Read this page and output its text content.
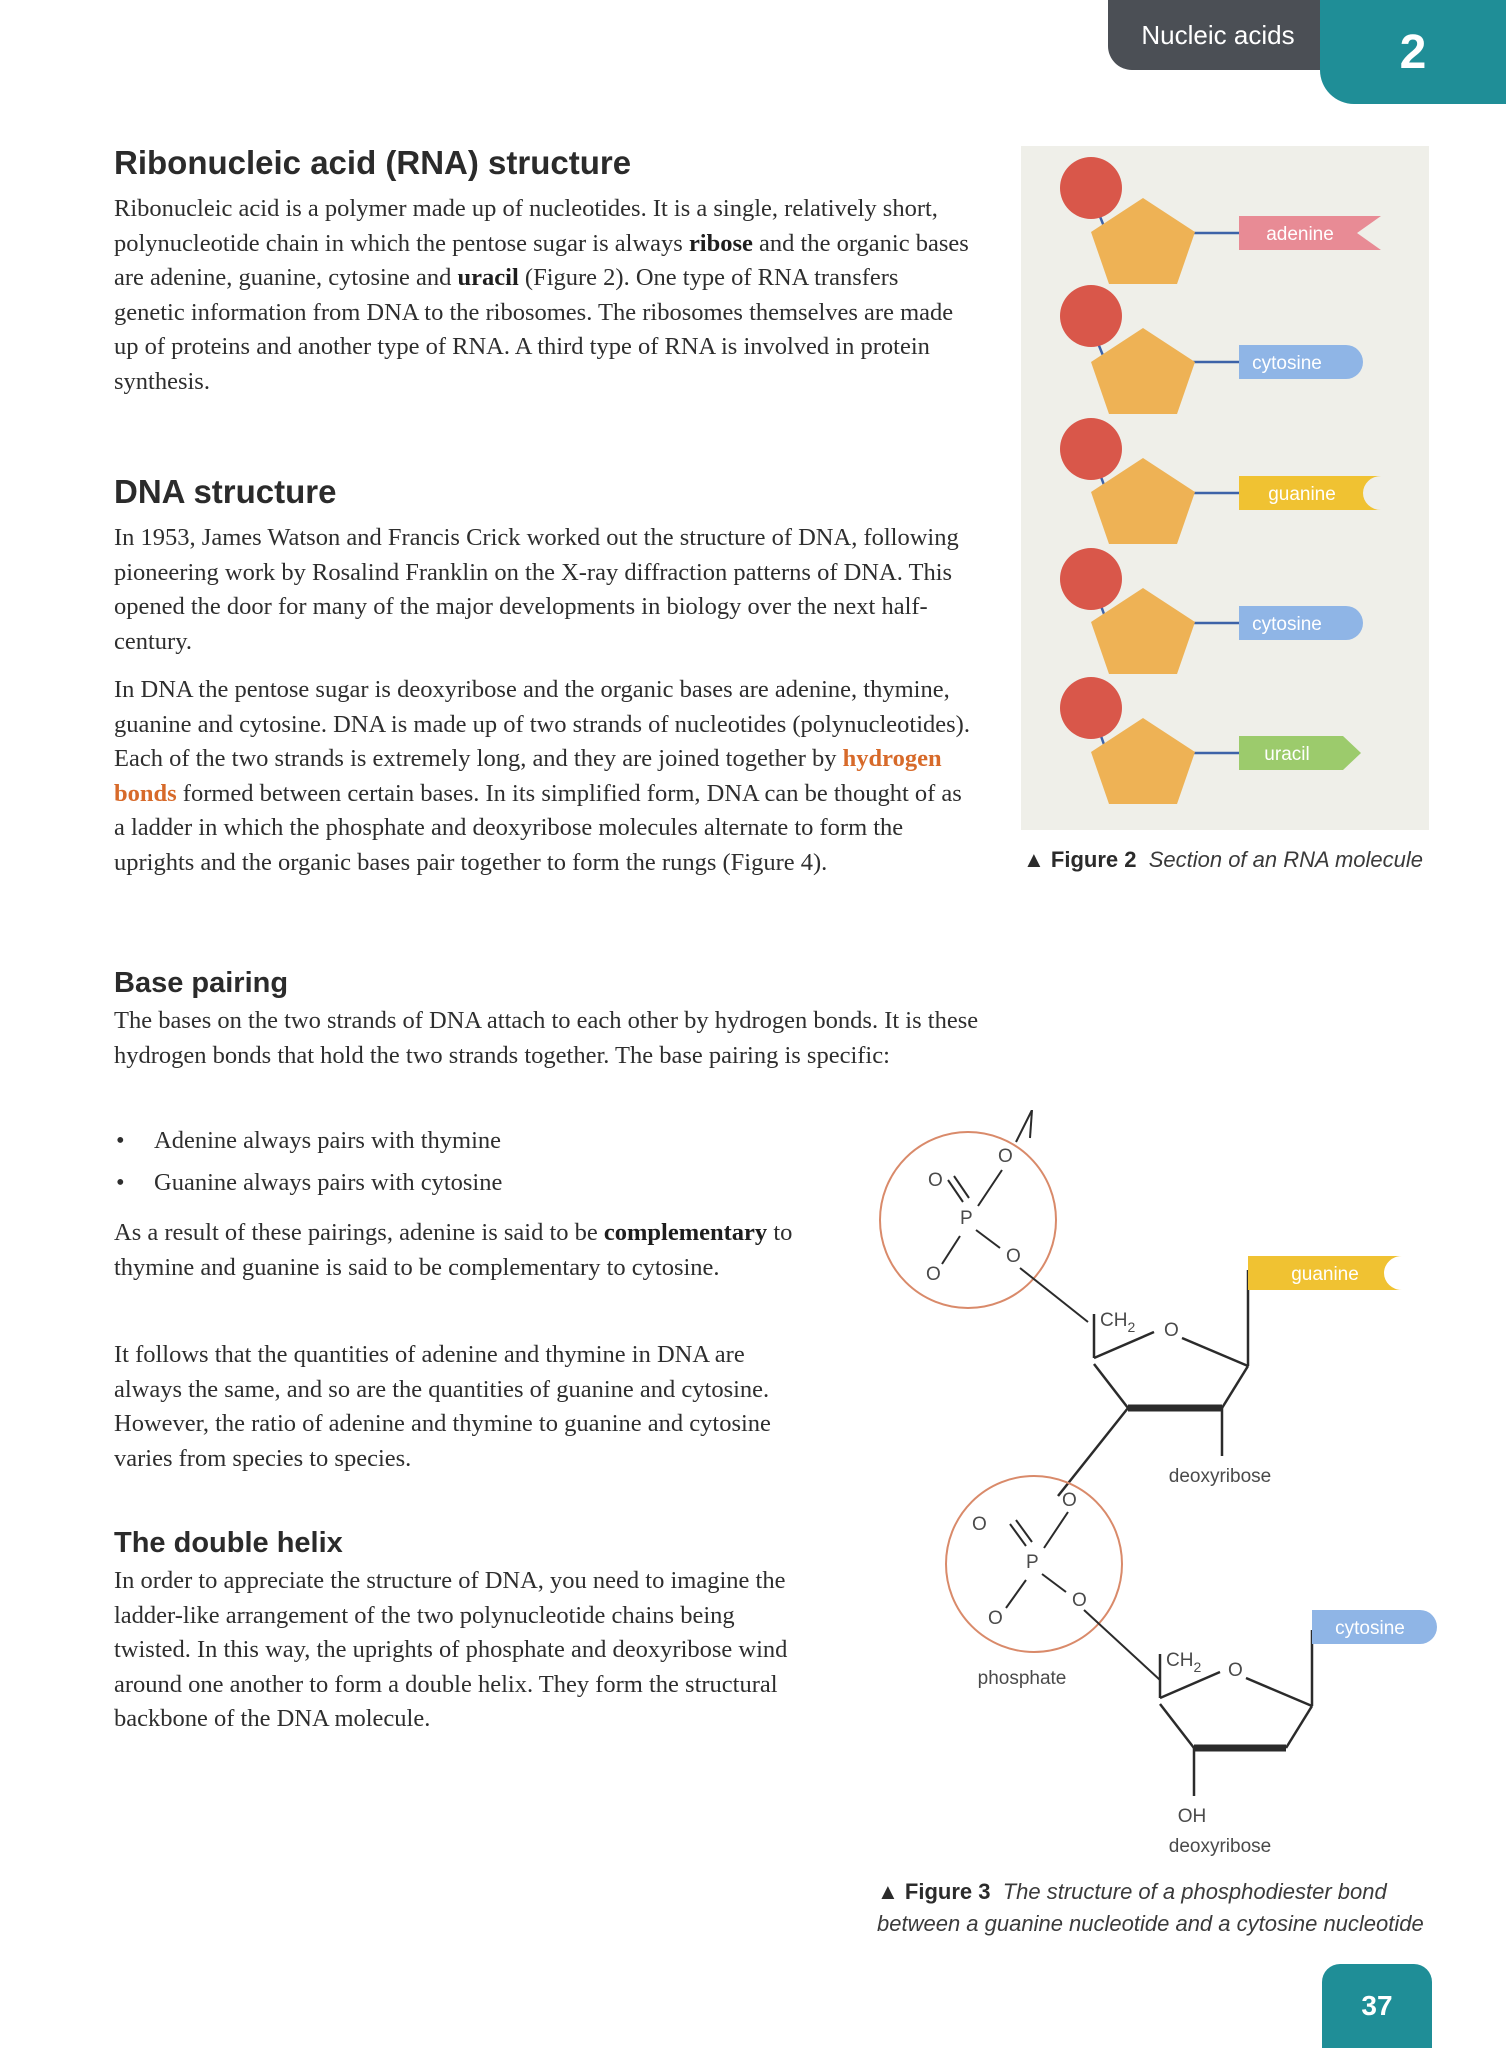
Nucleic acids 2
Ribonucleic acid (RNA) structure

Ribonucleic acid is a polymer made up of nucleotides. It is a single, relatively short, polynucleotide chain in which the pentose sugar is always ribose and the organic bases are adenine, guanine, cytosine and uracil (Figure 2). One type of RNA transfers genetic information from DNA to the ribosomes. The ribosomes themselves are made up of proteins and another type of RNA. A third type of RNA is involved in protein synthesis.

DNA structure

In 1953, James Watson and Francis Crick worked out the structure of DNA, following pioneering work by Rosalind Franklin on the X-ray diffraction patterns of DNA. This opened the door for many of the major developments in biology over the next half-century.

In DNA the pentose sugar is deoxyribose and the organic bases are adenine, thymine, guanine and cytosine. DNA is made up of two strands of nucleotides (polynucleotides). Each of the two strands is extremely long, and they are joined together by hydrogen bonds formed between certain bases. In its simplified form, DNA can be thought of as a ladder in which the phosphate and deoxyribose molecules alternate to form the uprights and the organic bases pair together to form the rungs (Figure 4).

Base pairing

The bases on the two strands of DNA attach to each other by hydrogen bonds. It is these hydrogen bonds that hold the two strands together. The base pairing is specific:

• Adenine always pairs with thymine
• Guanine always pairs with cytosine

As a result of these pairings, adenine is said to be complementary to thymine and guanine is said to be complementary to cytosine.

It follows that the quantities of adenine and thymine in DNA are always the same, and so are the quantities of guanine and cytosine. However, the ratio of adenine and thymine to guanine and cytosine varies from species to species.

The double helix

In order to appreciate the structure of DNA, you need to imagine the ladder-like arrangement of the two polynucleotide chains being twisted. In this way, the uprights of phosphate and deoxyribose wind around one another to form a double helix. They form the structural backbone of the DNA molecule.

adenine
cytosine
guanine
cytosine
uracil
▲ Figure 2 Section of an RNA molecule
O
O
P
O
O
$CH_2$ O
guanine
deoxyribose
O
O
P
O
O
phosphate
$CH_2$ O
cytosine
OH
deoxyribose
▲ Figure 3 The structure of a phosphodiester bond between a guanine nucleotide and a cytosine nucleotide
37
